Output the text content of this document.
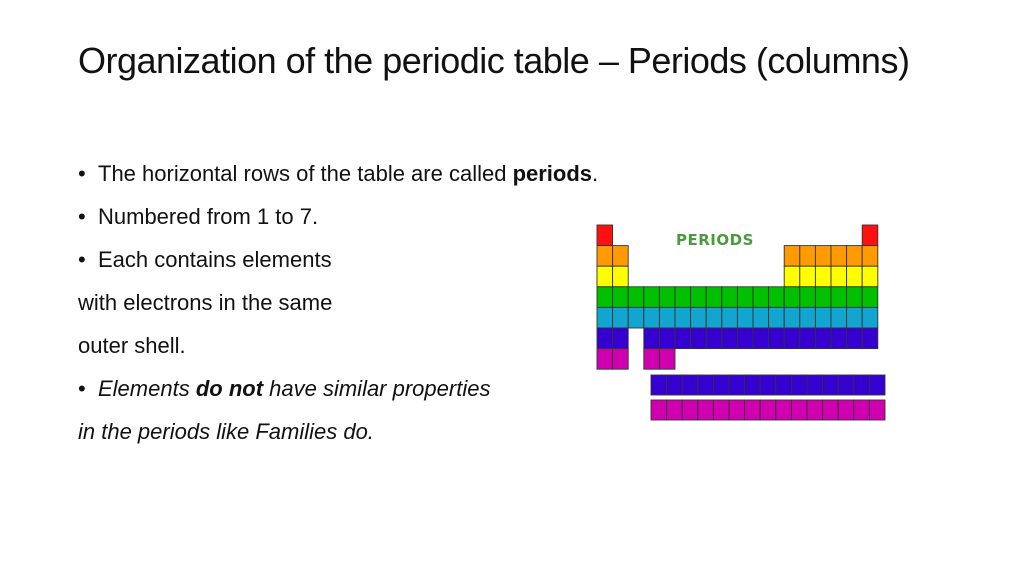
Organization of the periodic table – Periods (columns)
• The horizontal rows of the table are called periods.
• Numbered from 1 to 7.
• Each contains elements
with electrons in the same
outer shell.
• Elements do not have similar properties
in the periods like Families do.
PERIODS
